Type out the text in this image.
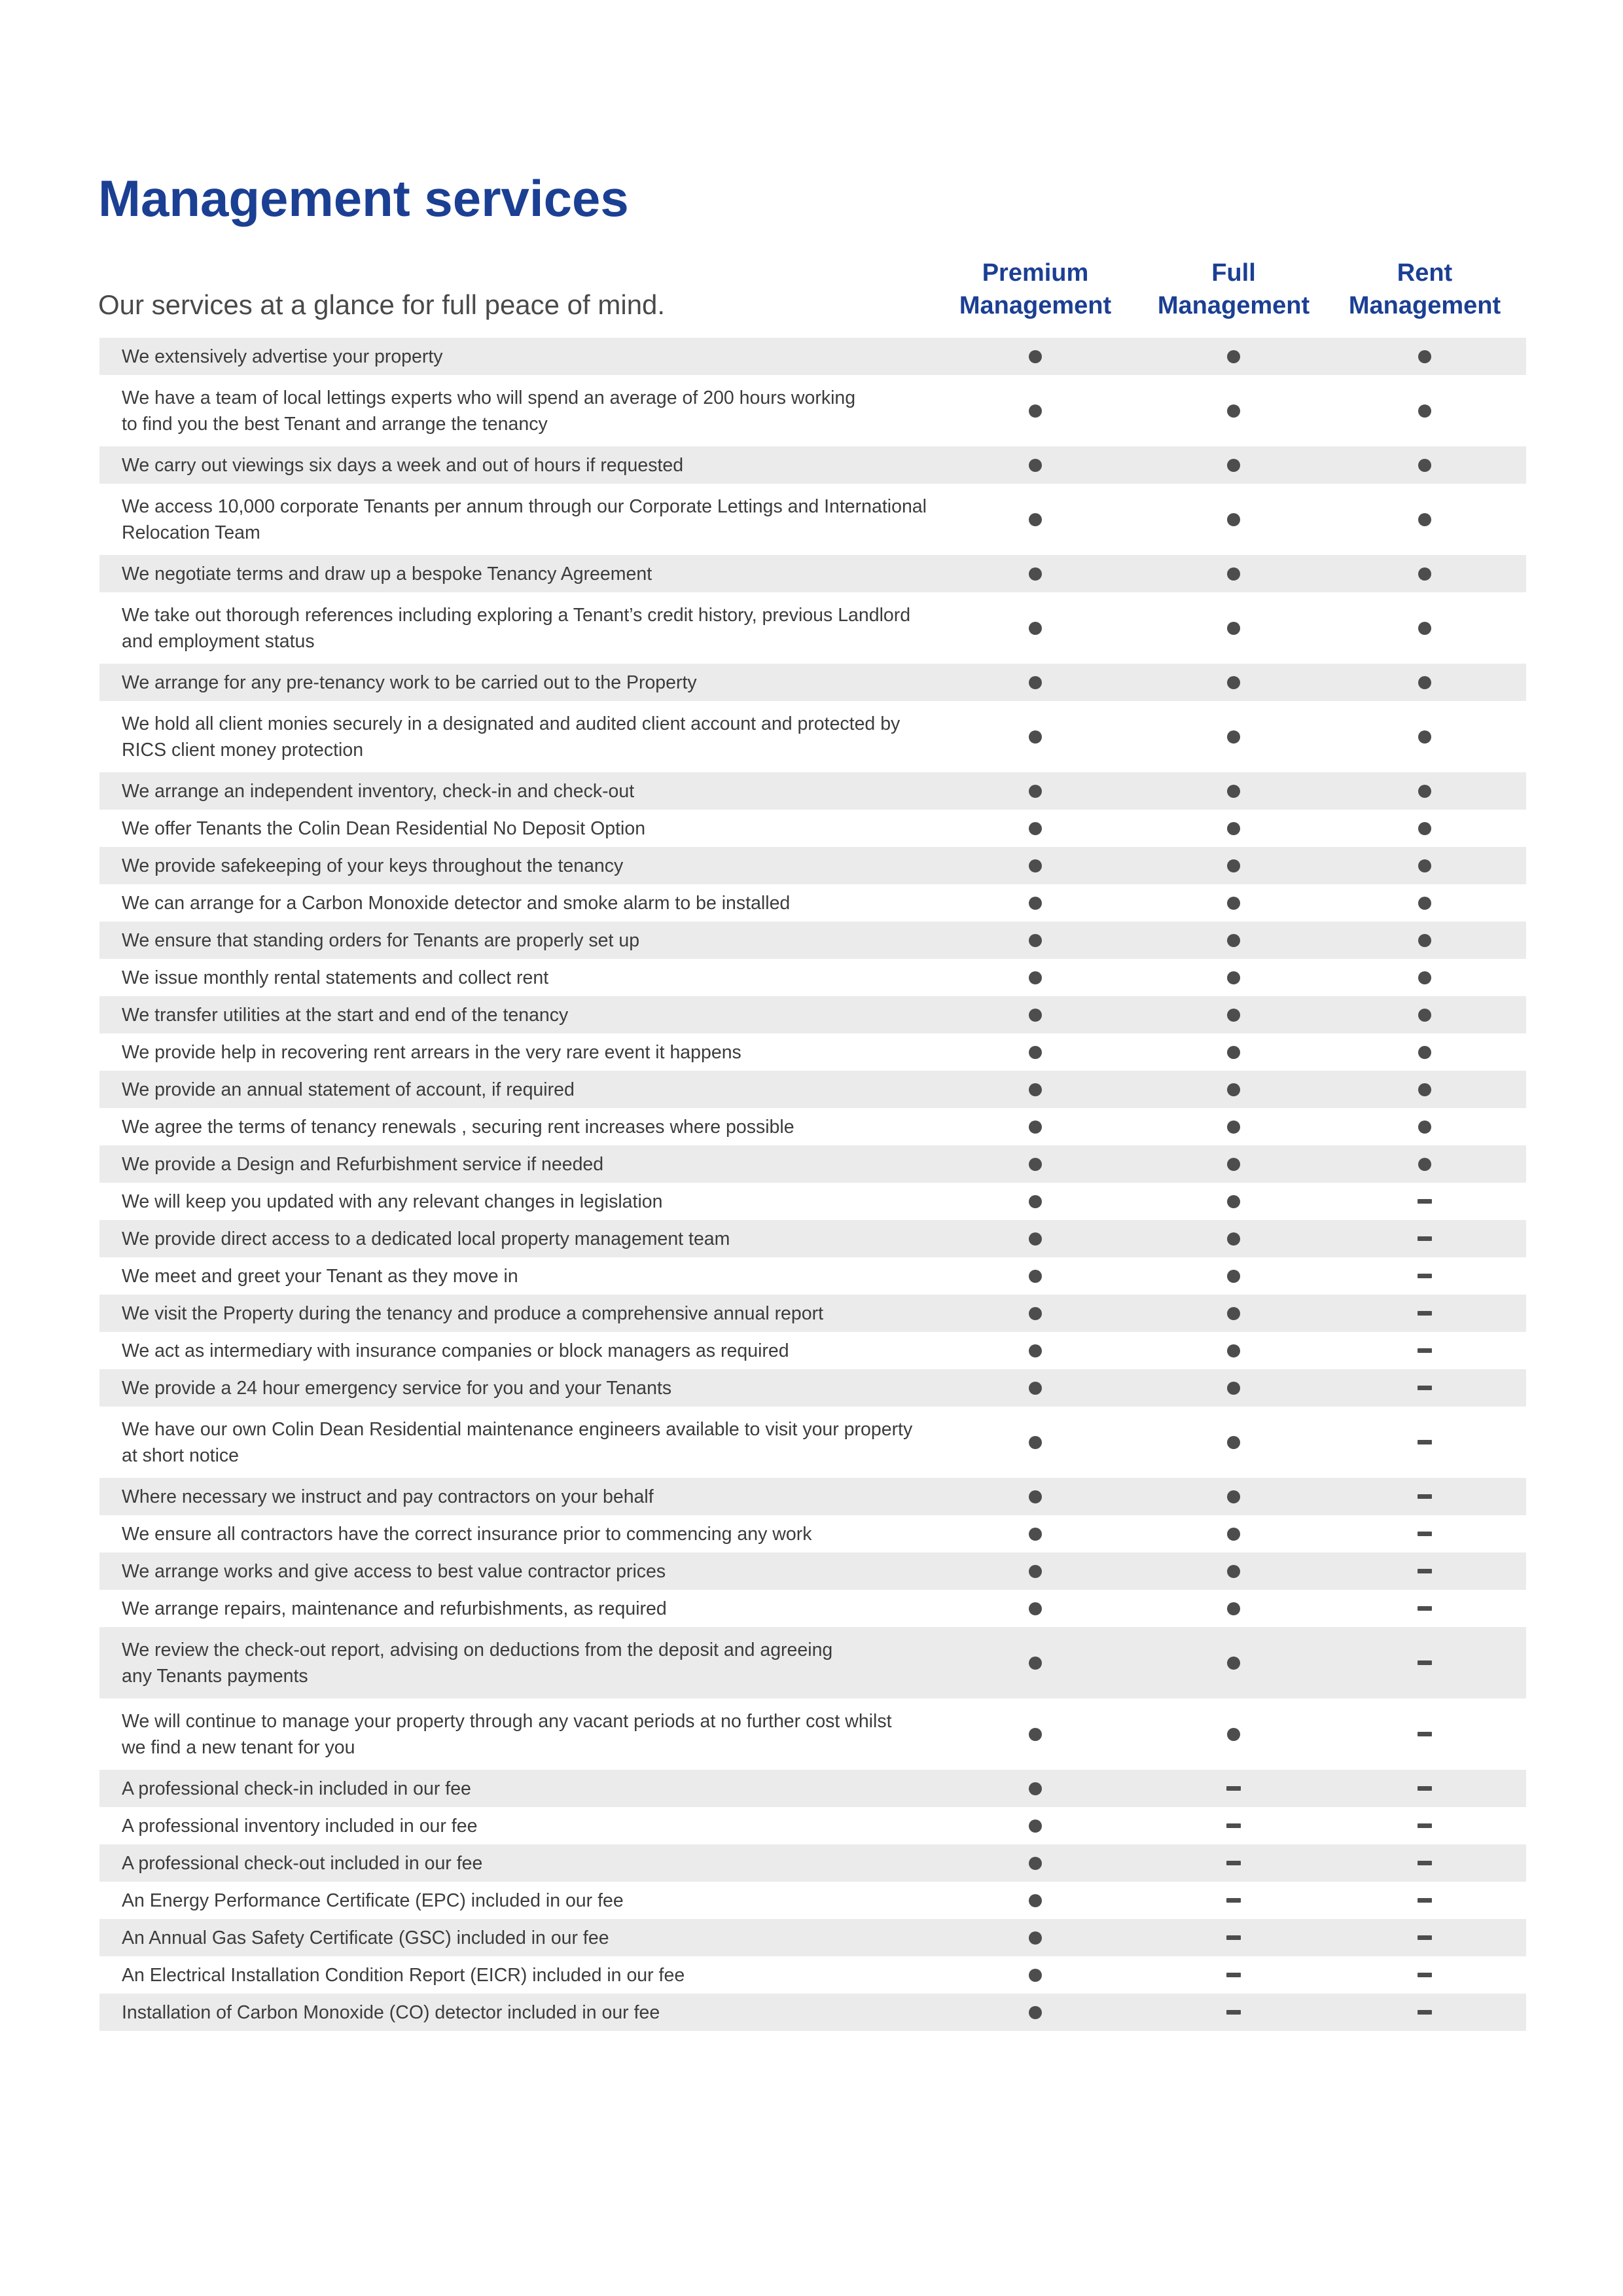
Management services

Our services at a glance for full peace of mind.

Premium
Management
Full
Management
Rent
Management
We extensively advertise your property
We have a team of local lettings experts who will spend an average of 200 hours working
to find you the best Tenant and arrange the tenancy
We carry out viewings six days a week and out of hours if requested
We access 10,000 corporate Tenants per annum through our Corporate Lettings and International
Relocation Team
We negotiate terms and draw up a bespoke Tenancy Agreement
We take out thorough references including exploring a Tenant’s credit history, previous Landlord
and employment status
We arrange for any pre-tenancy work to be carried out to the Property
We hold all client monies securely in a designated and audited client account and protected by
RICS client money protection
We arrange an independent inventory, check-in and check-out
We offer Tenants the Colin Dean Residential No Deposit Option
We provide safekeeping of your keys throughout the tenancy
We can arrange for a Carbon Monoxide detector and smoke alarm to be installed
We ensure that standing orders for Tenants are properly set up
We issue monthly rental statements and collect rent
We transfer utilities at the start and end of the tenancy
We provide help in recovering rent arrears in the very rare event it happens
We provide an annual statement of account, if required
We agree the terms of tenancy renewals , securing rent increases where possible
We provide a Design and Refurbishment service if needed
We will keep you updated with any relevant changes in legislation
We provide direct access to a dedicated local property management team
We meet and greet your Tenant as they move in
We visit the Property during the tenancy and produce a comprehensive annual report
We act as intermediary with insurance companies or block managers as required
We provide a 24 hour emergency service for you and your Tenants
We have our own Colin Dean Residential maintenance engineers available to visit your property
at short notice
Where necessary we instruct and pay contractors on your behalf
We ensure all contractors have the correct insurance prior to commencing any work
We arrange works and give access to best value contractor prices
We arrange repairs, maintenance and refurbishments, as required
We review the check-out report, advising on deductions from the deposit and agreeing
any Tenants payments
We will continue to manage your property through any vacant periods at no further cost whilst
we find a new tenant for you
A professional check-in included in our fee
A professional inventory included in our fee
A professional check-out included in our fee
An Energy Performance Certificate (EPC) included in our fee
An Annual Gas Safety Certificate (GSC) included in our fee
An Electrical Installation Condition Report (EICR) included in our fee
Installation of Carbon Monoxide (CO) detector included in our fee
